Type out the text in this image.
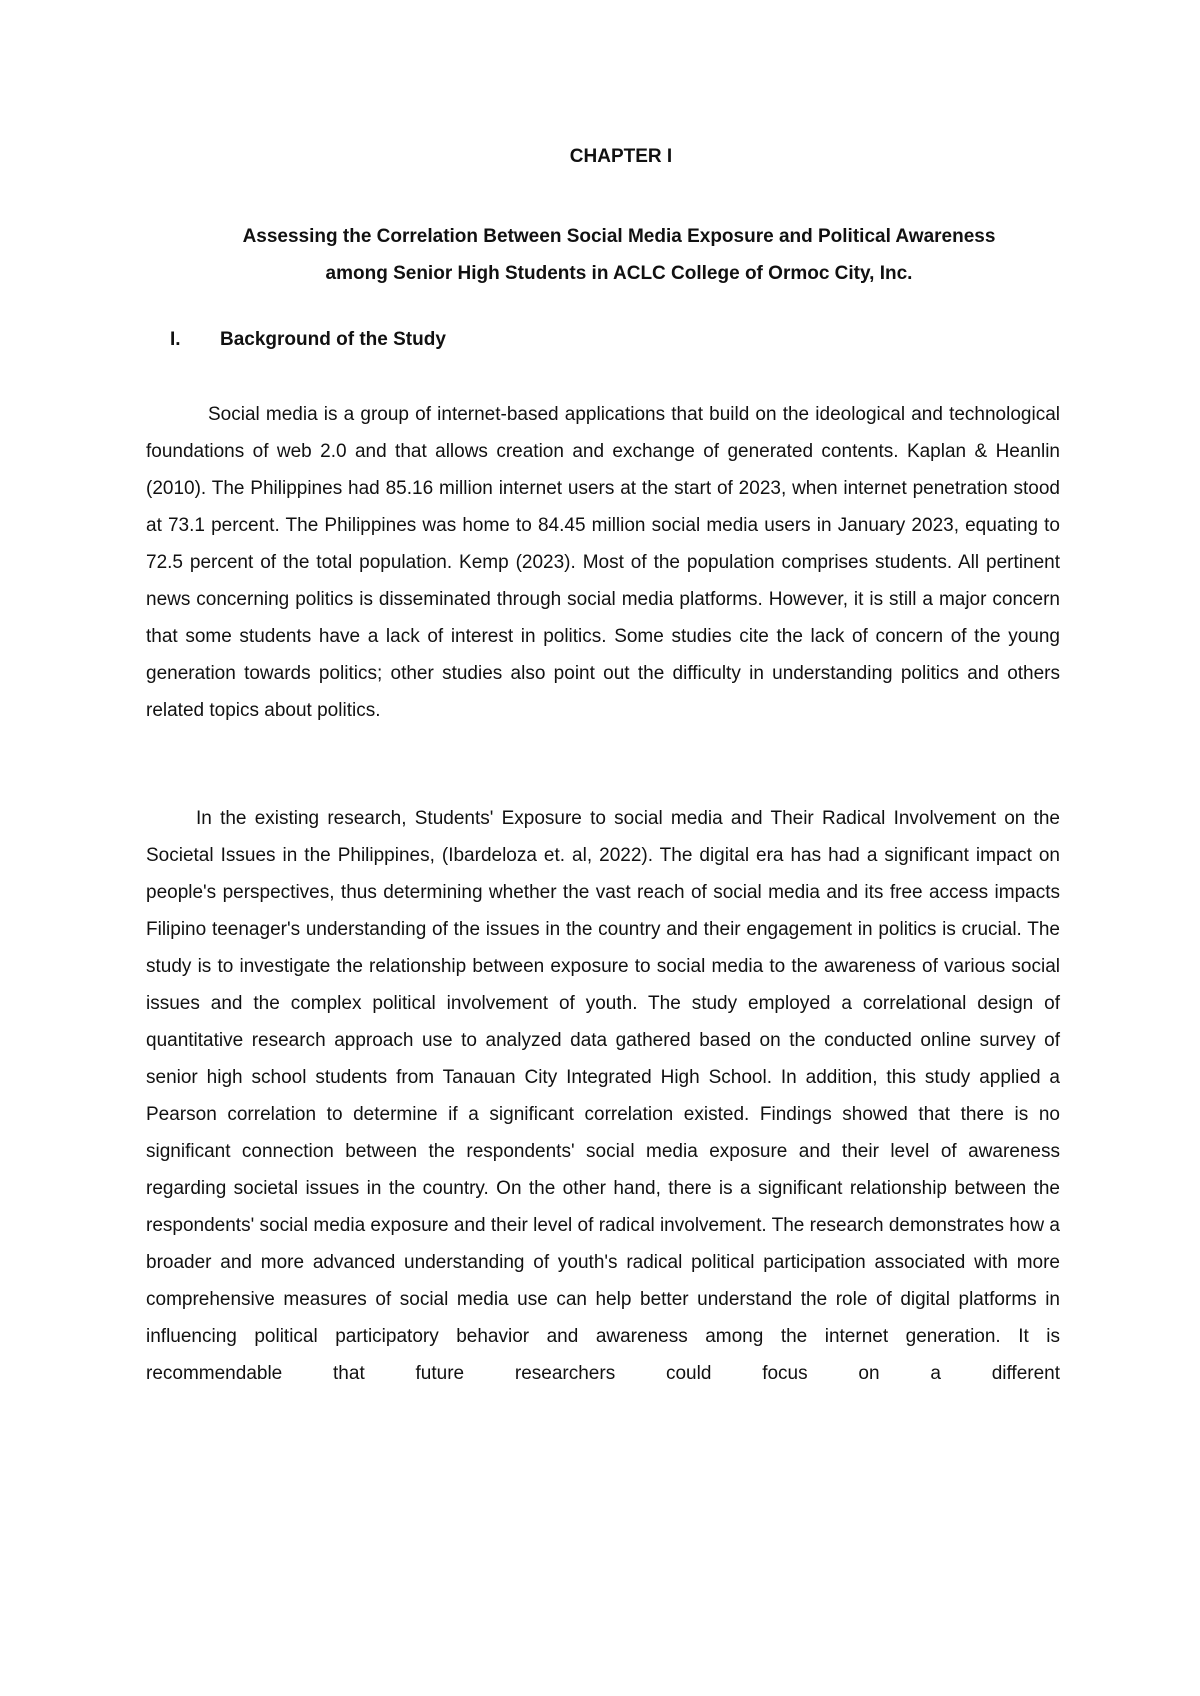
CHAPTER I
Assessing the Correlation Between Social Media Exposure and Political Awareness
among Senior High Students in ACLC College of Ormoc City, Inc.
I. Background of the Study

Social media is a group of internet-based applications that build on the ideological and technological foundations of web 2.0 and that allows creation and exchange of generated contents. Kaplan & Heanlin (2010). The Philippines had 85.16 million internet users at the start of 2023, when internet penetration stood at 73.1 percent. The Philippines was home to 84.45 million social media users in January 2023, equating to 72.5 percent of the total population. Kemp (2023). Most of the population comprises students. All pertinent news concerning politics is disseminated through social media platforms. However, it is still a major concern that some students have a lack of interest in politics. Some studies cite the lack of concern of the young generation towards politics; other studies also point out the difficulty in understanding politics and others related topics about politics.

In the existing research, Students' Exposure to social media and Their Radical Involvement on the Societal Issues in the Philippines, (Ibardeloza et. al, 2022). The digital era has had a significant impact on people's perspectives, thus determining whether the vast reach of social media and its free access impacts Filipino teenager's understanding of the issues in the country and their engagement in politics is crucial. The study is to investigate the relationship between exposure to social media to the awareness of various social issues and the complex political involvement of youth. The study employed a correlational design of quantitative research approach use to analyzed data gathered based on the conducted online survey of senior high school students from Tanauan City Integrated High School. In addition, this study applied a Pearson correlation to determine if a significant correlation existed. Findings showed that there is no significant connection between the respondents' social media exposure and their level of awareness regarding societal issues in the country. On the other hand, there is a significant relationship between the respondents' social media exposure and their level of radical involvement. The research demonstrates how a broader and more advanced understanding of youth's radical political participation associated with more comprehensive measures of social media use can help better understand the role of digital platforms in influencing political participatory behavior and awareness among the internet generation. It is recommendable that future researchers could focus on a different
